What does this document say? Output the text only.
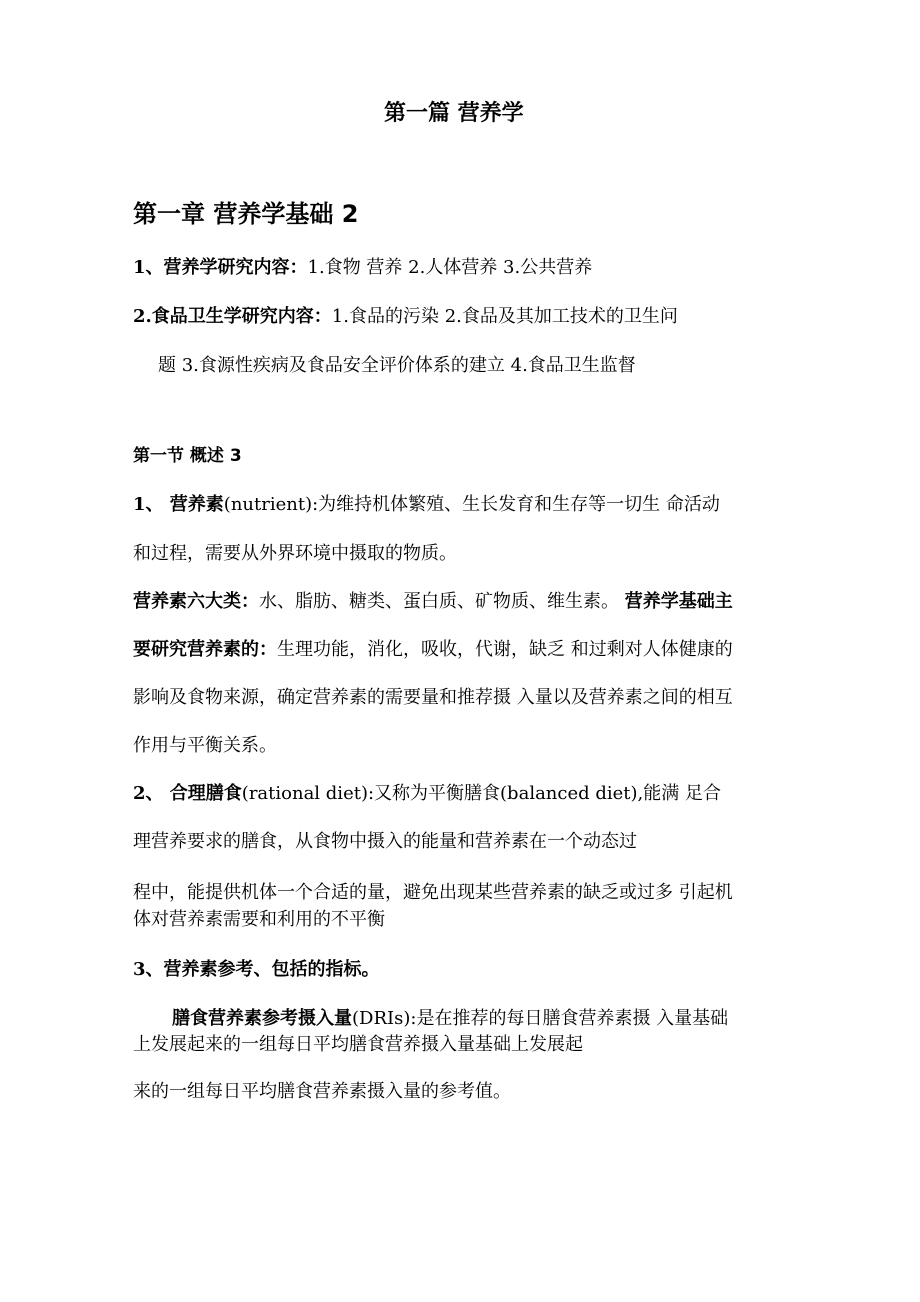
第一篇 营养学
第一章 营养学基础 2
1、营养学研究内容：1.食物 营养 2.人体营养 3.公共营养
2.食品卫生学研究内容：1.食品的污染 2.食品及其加工技术的卫生问
题 3.食源性疾病及食品安全评价体系的建立 4.食品卫生监督
第一节 概述 3
1、 营养素(nutrient):为维持机体繁殖、生长发育和生存等一切生 命活动
和过程，需要从外界环境中摄取的物质。
营养素六大类：水、脂肪、糖类、蛋白质、矿物质、维生素。 营养学基础主
要研究营养素的：生理功能，消化，吸收，代谢，缺乏 和过剩对人体健康的
影响及食物来源，确定营养素的需要量和推荐摄 入量以及营养素之间的相互
作用与平衡关系。
2、 合理膳食(rational diet):又称为平衡膳食(balanced diet),能满 足合
理营养要求的膳食，从食物中摄入的能量和营养素在一个动态过
程中，能提供机体一个合适的量，避免出现某些营养素的缺乏或过多 引起机
体对营养素需要和利用的不平衡
3、营养素参考、包括的指标。
膳食营养素参考摄入量(DRIs):是在推荐的每日膳食营养素摄 入量基础
上发展起来的一组每日平均膳食营养摄入量基础上发展起
来的一组每日平均膳食营养素摄入量的参考值。
